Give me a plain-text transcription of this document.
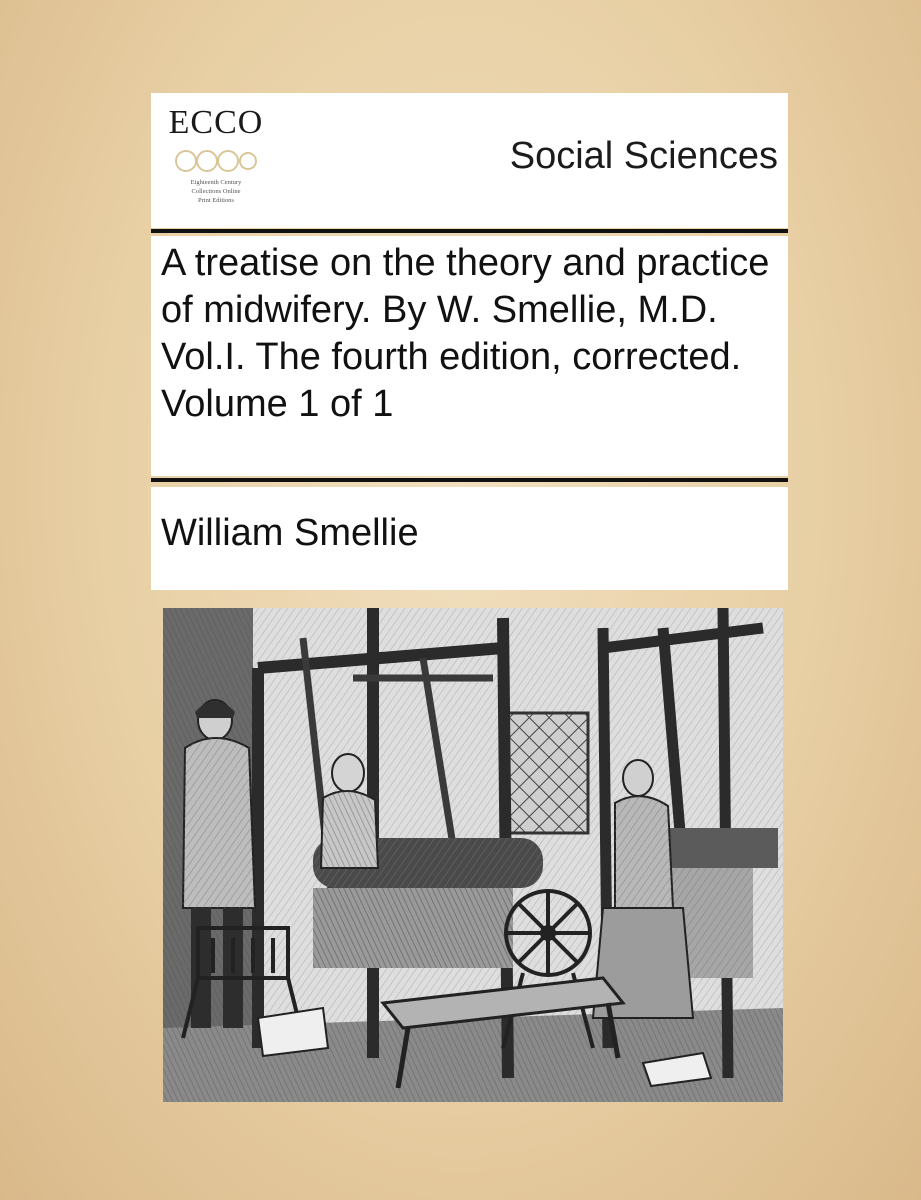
ECCO
Eighteenth Century
Collections Online
Print Editions
Social Sciences
A treatise on the theory and practice of midwifery. By W. Smellie, M.D. Vol.I. The fourth edition, corrected. Volume 1 of 1
William Smellie
